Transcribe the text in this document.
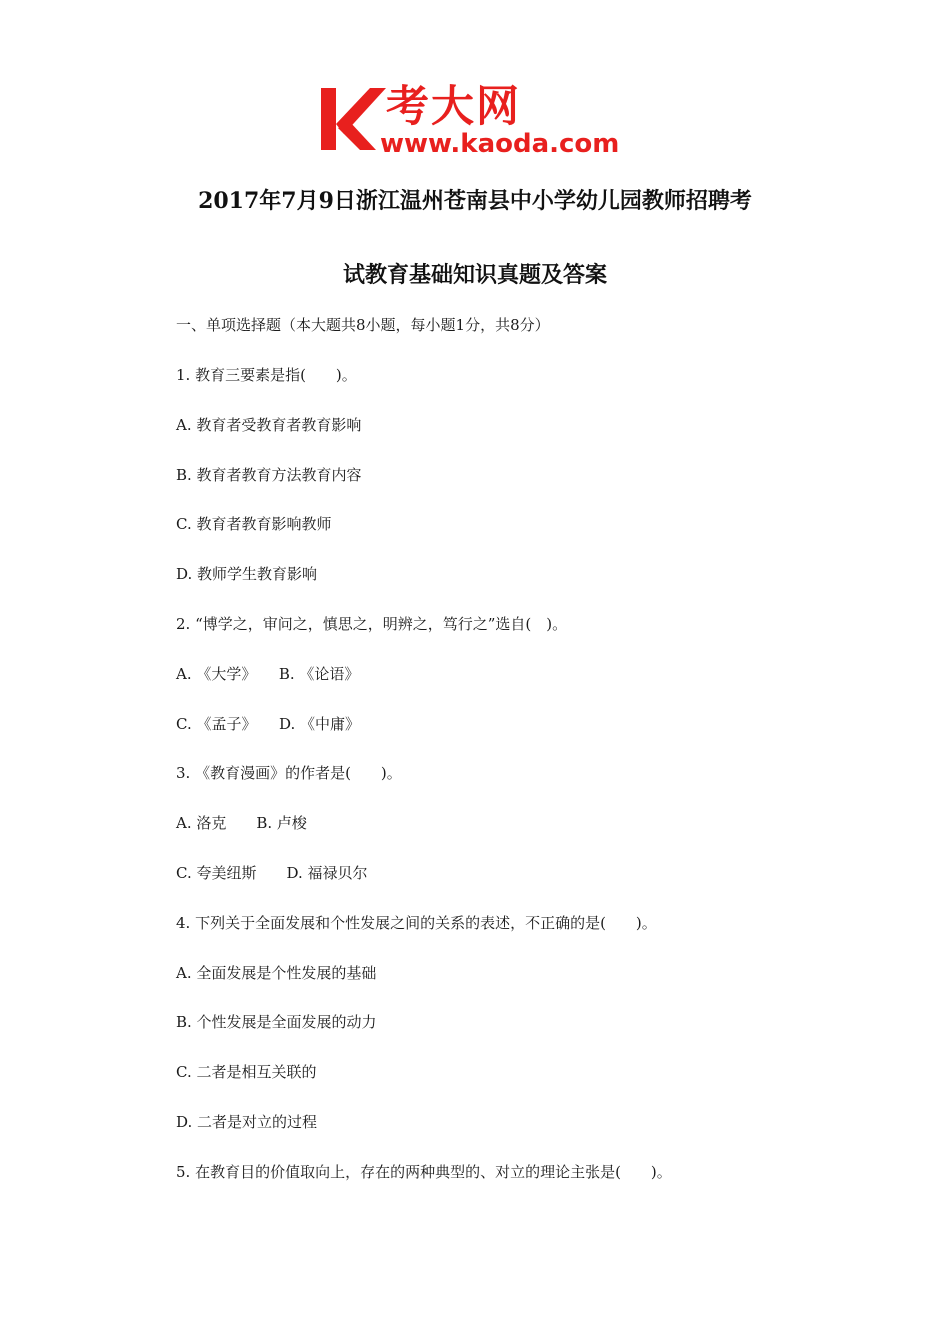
考大网
www.kaoda.com
2017年7月9日浙江温州苍南县中小学幼儿园教师招聘考
试教育基础知识真题及答案
一、单项选择题（本大题共8小题，每小题1分，共8分）
1. 教育三要素是指(　　)。
A. 教育者受教育者教育影响
B. 教育者教育方法教育内容
C. 教育者教育影响教师
D. 教师学生教育影响
2. “博学之，审问之，慎思之，明辨之，笃行之”选自(　)。
A. 《大学》　　B. 《论语》
C. 《孟子》　　D. 《中庸》
3. 《教育漫画》的作者是(　　)。
A. 洛克　　B. 卢梭
C. 夸美纽斯　　D. 福禄贝尔
4. 下列关于全面发展和个性发展之间的关系的表述，不正确的是(　　)。
A. 全面发展是个性发展的基础
B. 个性发展是全面发展的动力
C. 二者是相互关联的
D. 二者是对立的过程
5. 在教育目的价值取向上，存在的两种典型的、对立的理论主张是(　　)。
